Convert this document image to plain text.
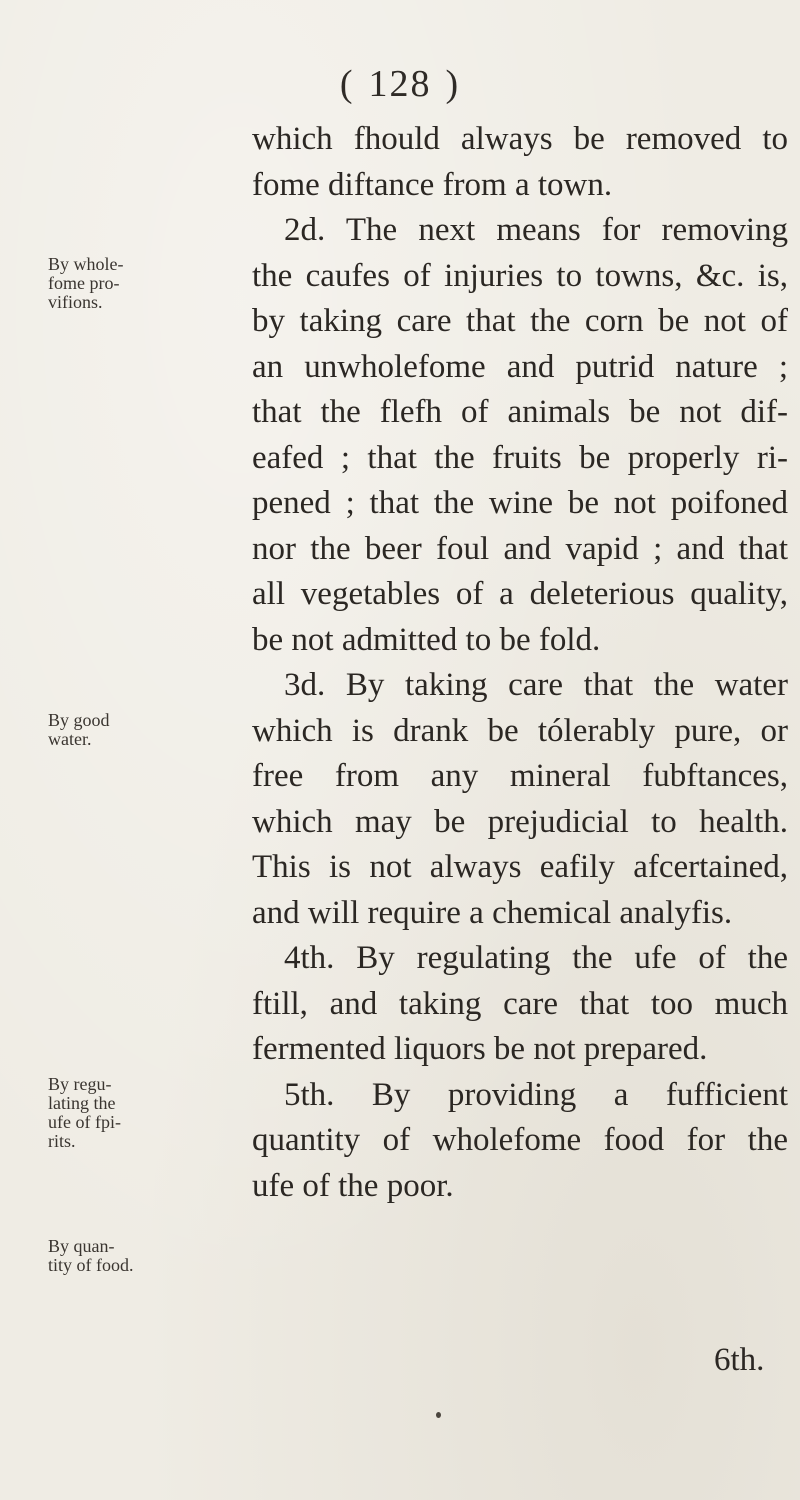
( 128 )
By whole-
fome pro-
vifions.
By good
water.
By regu-
lating the
ufe of fpi-
rits.
By quan-
tity of food.
which fhould always be removed to
fome diftance from a town.
2d. The next means for removing
the caufes of injuries to towns, &c. is,
by taking care that the corn be not of
an unwholefome and putrid nature ;
that the flefh of animals be not dif-
eafed ; that the fruits be properly ri-
pened ; that the wine be not poifoned
nor the beer foul and vapid ; and that
all vegetables of a deleterious quality,
be not admitted to be fold.
3d. By taking care that the water
which is drank be tólerably pure, or
free from any mineral fubftances,
which may be prejudicial to health.
This is not always eafily afcertained,
and will require a chemical analyfis.
4th. By regulating the ufe of the
ftill, and taking care that too much
fermented liquors be not prepared.
5th. By providing a fufficient
quantity of wholefome food for the
ufe of the poor.
6th.
